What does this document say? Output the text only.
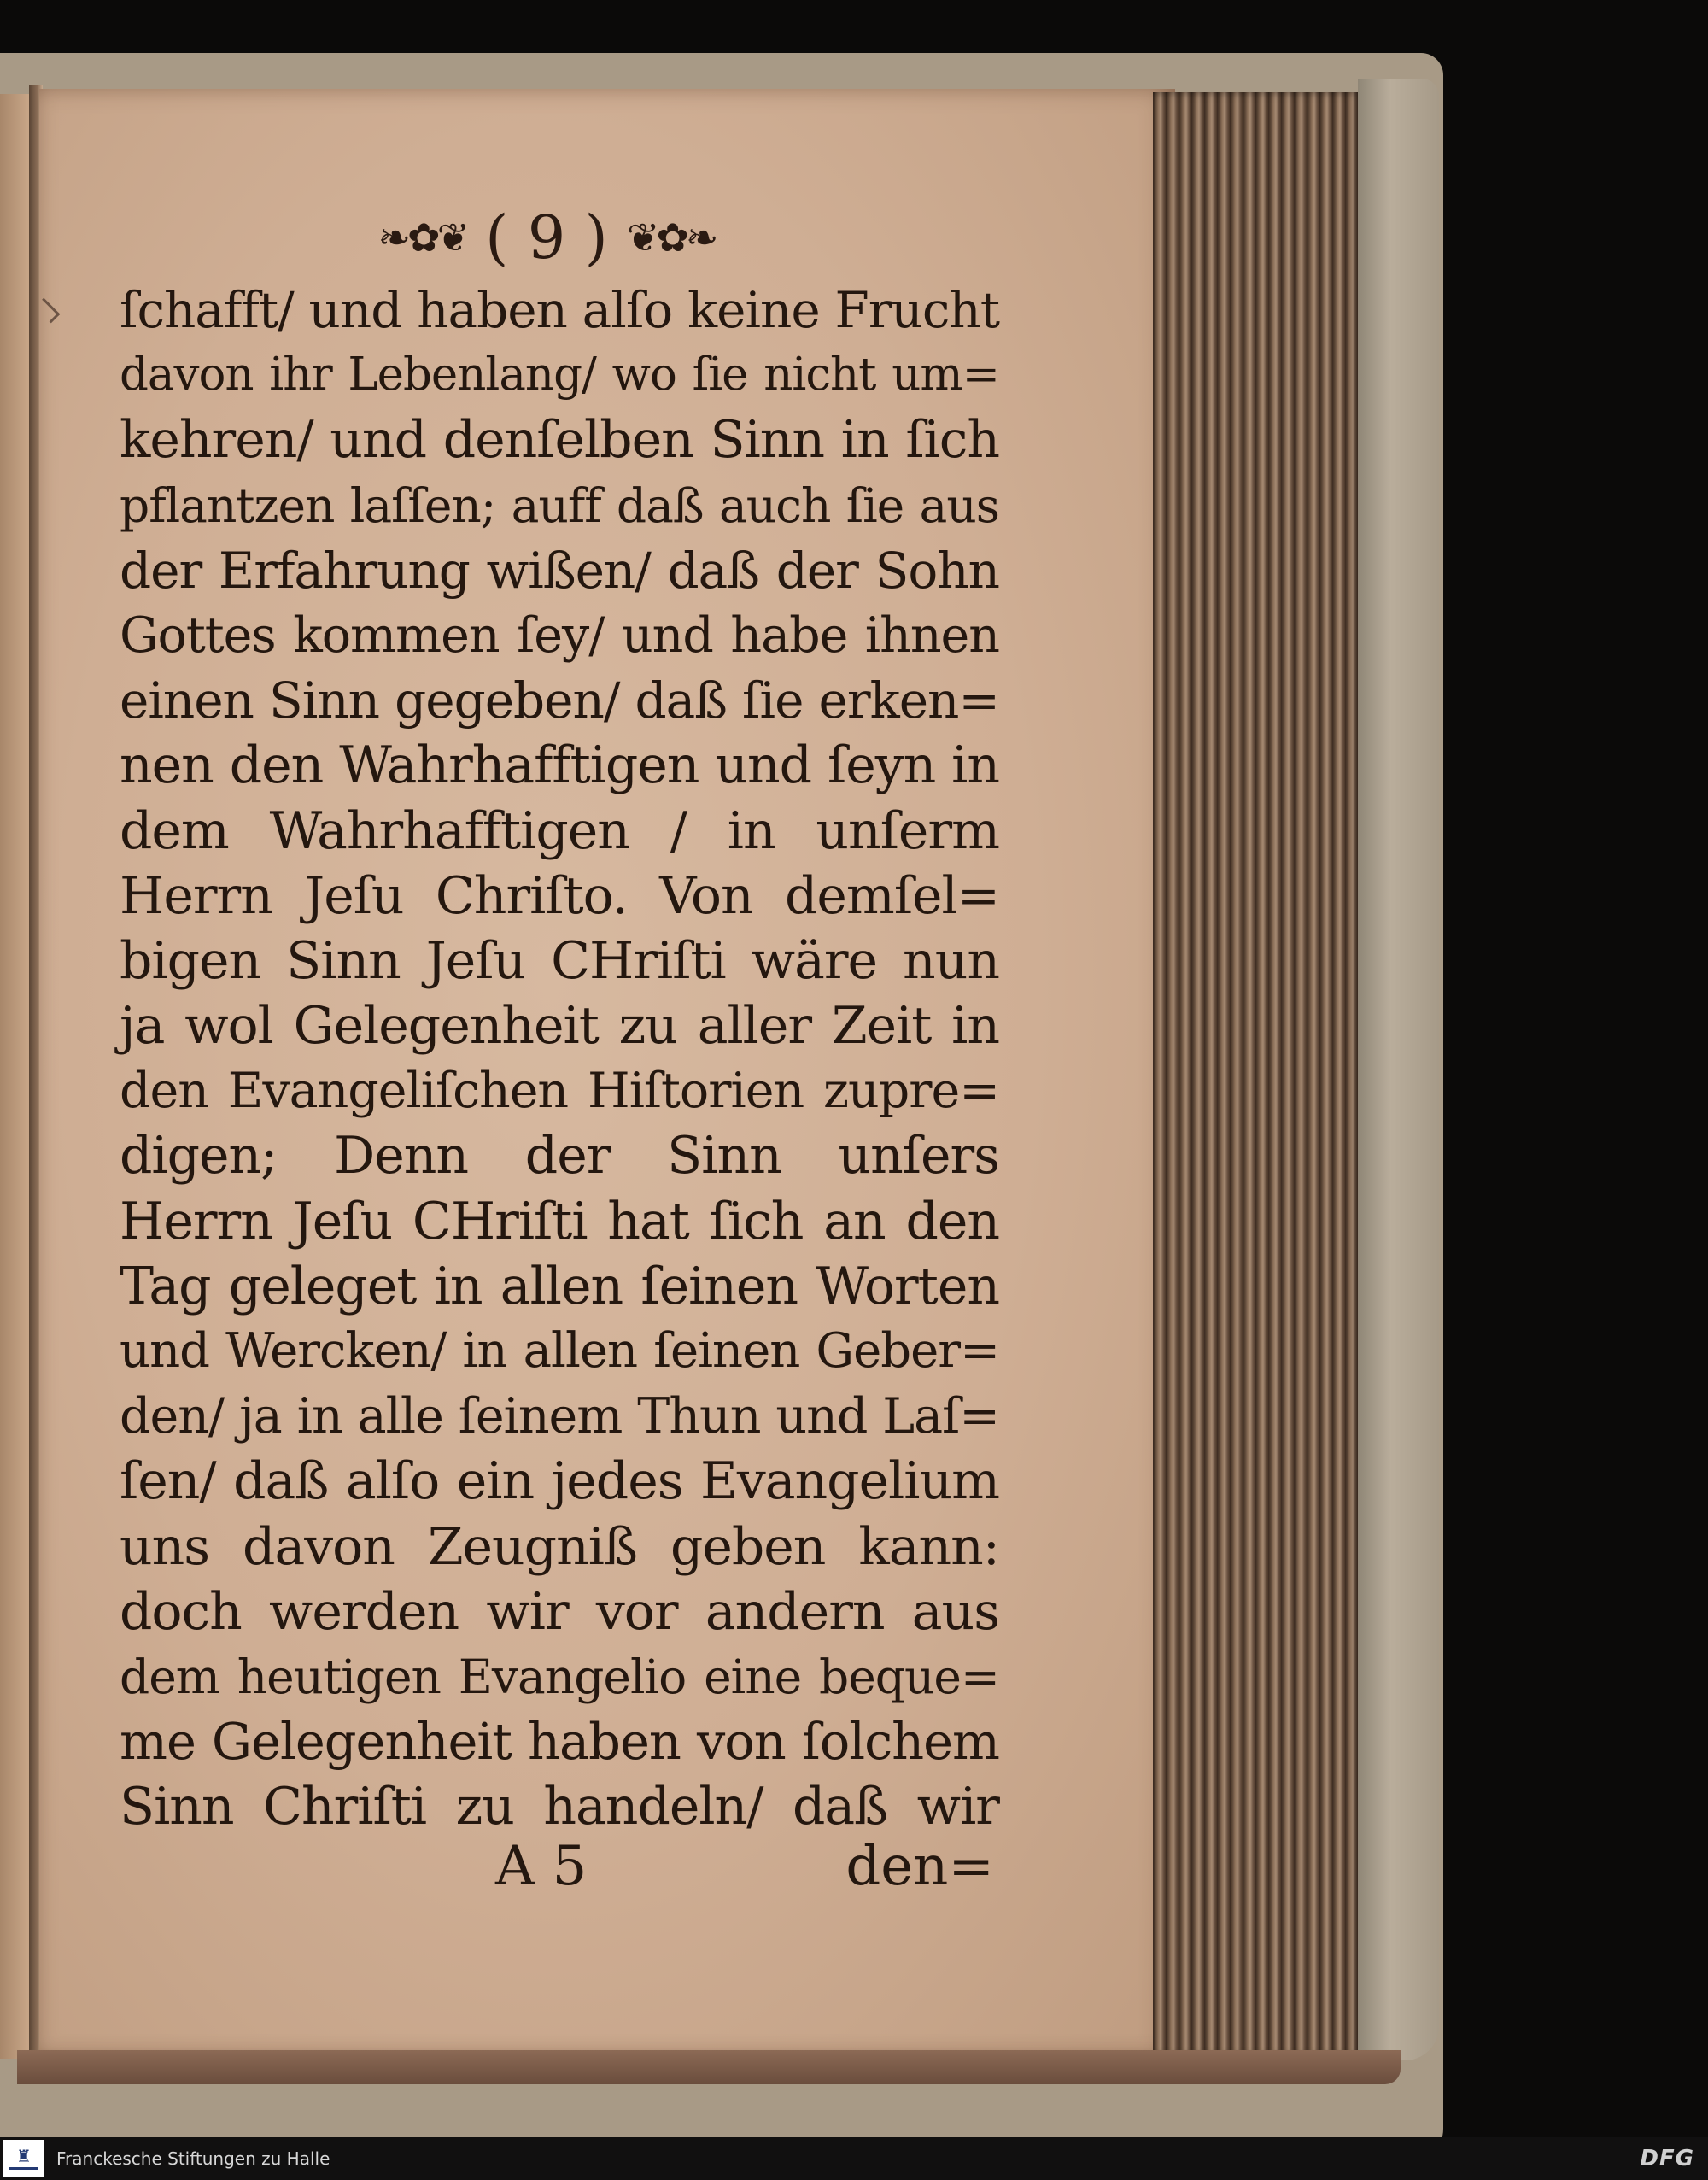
❧✿❦ ( 9 ) ❦✿❧
ſchafft/ und haben alſo keine Frucht
davon ihr Lebenlang/ wo ſie nicht um=
kehren/ und denſelben Sinn in ſich
pflantzen laſſen; auff daß auch ſie aus
der Erfahrung wißen/ daß der Sohn
Gottes kommen ſey/ und habe ihnen
einen Sinn gegeben/ daß ſie erken=
nen den Wahrhafftigen und ſeyn in
dem Wahrhafftigen / in unſerm
Herrn Jeſu Chriſto. Von demſel=
bigen Sinn Jeſu CHriſti wäre nun
ja wol Gelegenheit zu aller Zeit in
den Evangeliſchen Hiſtorien zupre=
digen; Denn der Sinn unſers
Herrn Jeſu CHriſti hat ſich an den
Tag geleget in allen ſeinen Worten
und Wercken/ in allen ſeinen Geber=
den/ ja in alle ſeinem Thun und Laſ=
ſen/ daß alſo ein jedes Evangelium
uns davon Zeugniß geben kann:
doch werden wir vor andern aus
dem heutigen Evangelio eine beque=
me Gelegenheit haben von ſolchem
Sinn Chriſti zu handeln/ daß wir
A 5	den=
♜ Franckesche Stiftungen zu Halle	DFG
